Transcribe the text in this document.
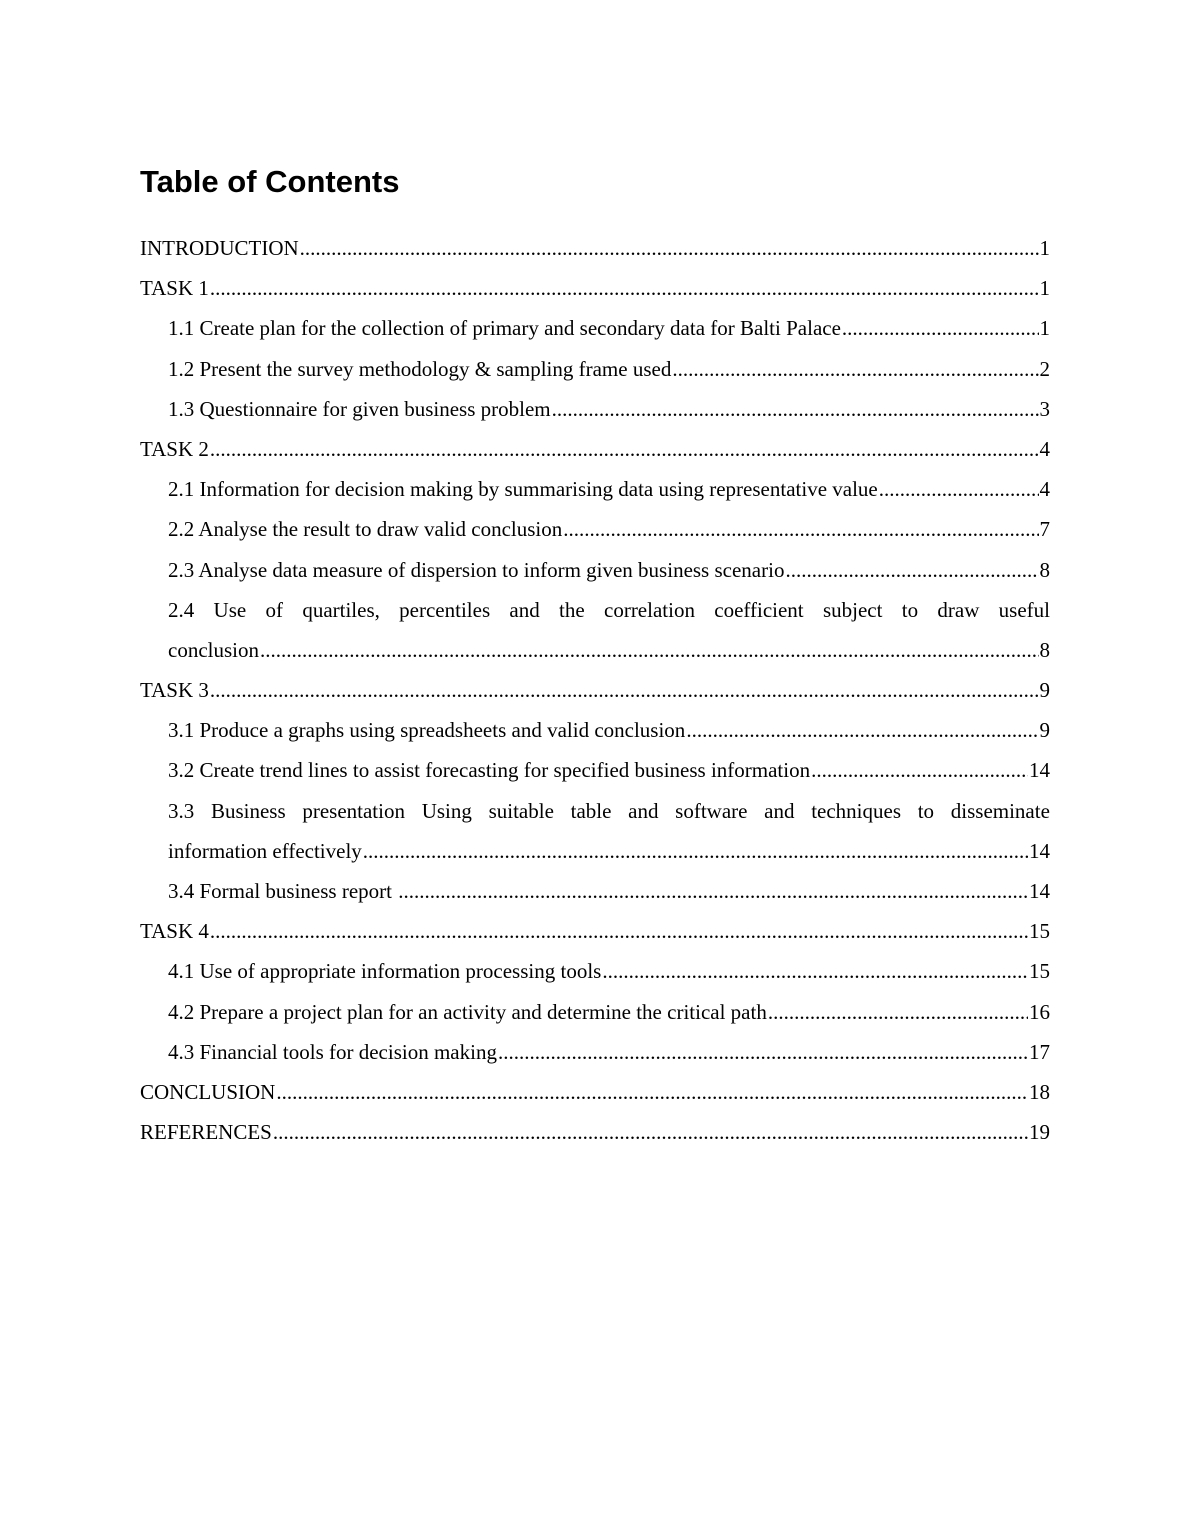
Table of Contents
INTRODUCTION .....	1
TASK 1 .....	1
1.1 Create plan for the collection of primary and secondary data for Balti Palace .....	1
1.2 Present the survey methodology & sampling frame used .....	2
1.3 Questionnaire for given business problem .....	3
TASK 2 .....	4
2.1 Information for decision making by summarising data using representative value .....	4
2.2 Analyse the result to draw valid conclusion .....	7
2.3 Analyse data measure of dispersion to inform given business scenario .....	8
2.4 Use of quartiles, percentiles and the correlation coefficient subject to draw useful
conclusion .....	8
TASK 3 .....	9
3.1 Produce a graphs using spreadsheets and valid conclusion .....	9
3.2 Create trend lines to assist forecasting for specified business information .....	14
3.3 Business presentation Using suitable table and software and techniques to disseminate
information effectively .....	14
3.4 Formal business report .....	14
TASK 4 .....	15
4.1 Use of appropriate information processing tools .....	15
4.2 Prepare a project plan for an activity and determine the critical path .....	16
4.3 Financial tools for decision making .....	17
CONCLUSION .....	18
REFERENCES .....	19
